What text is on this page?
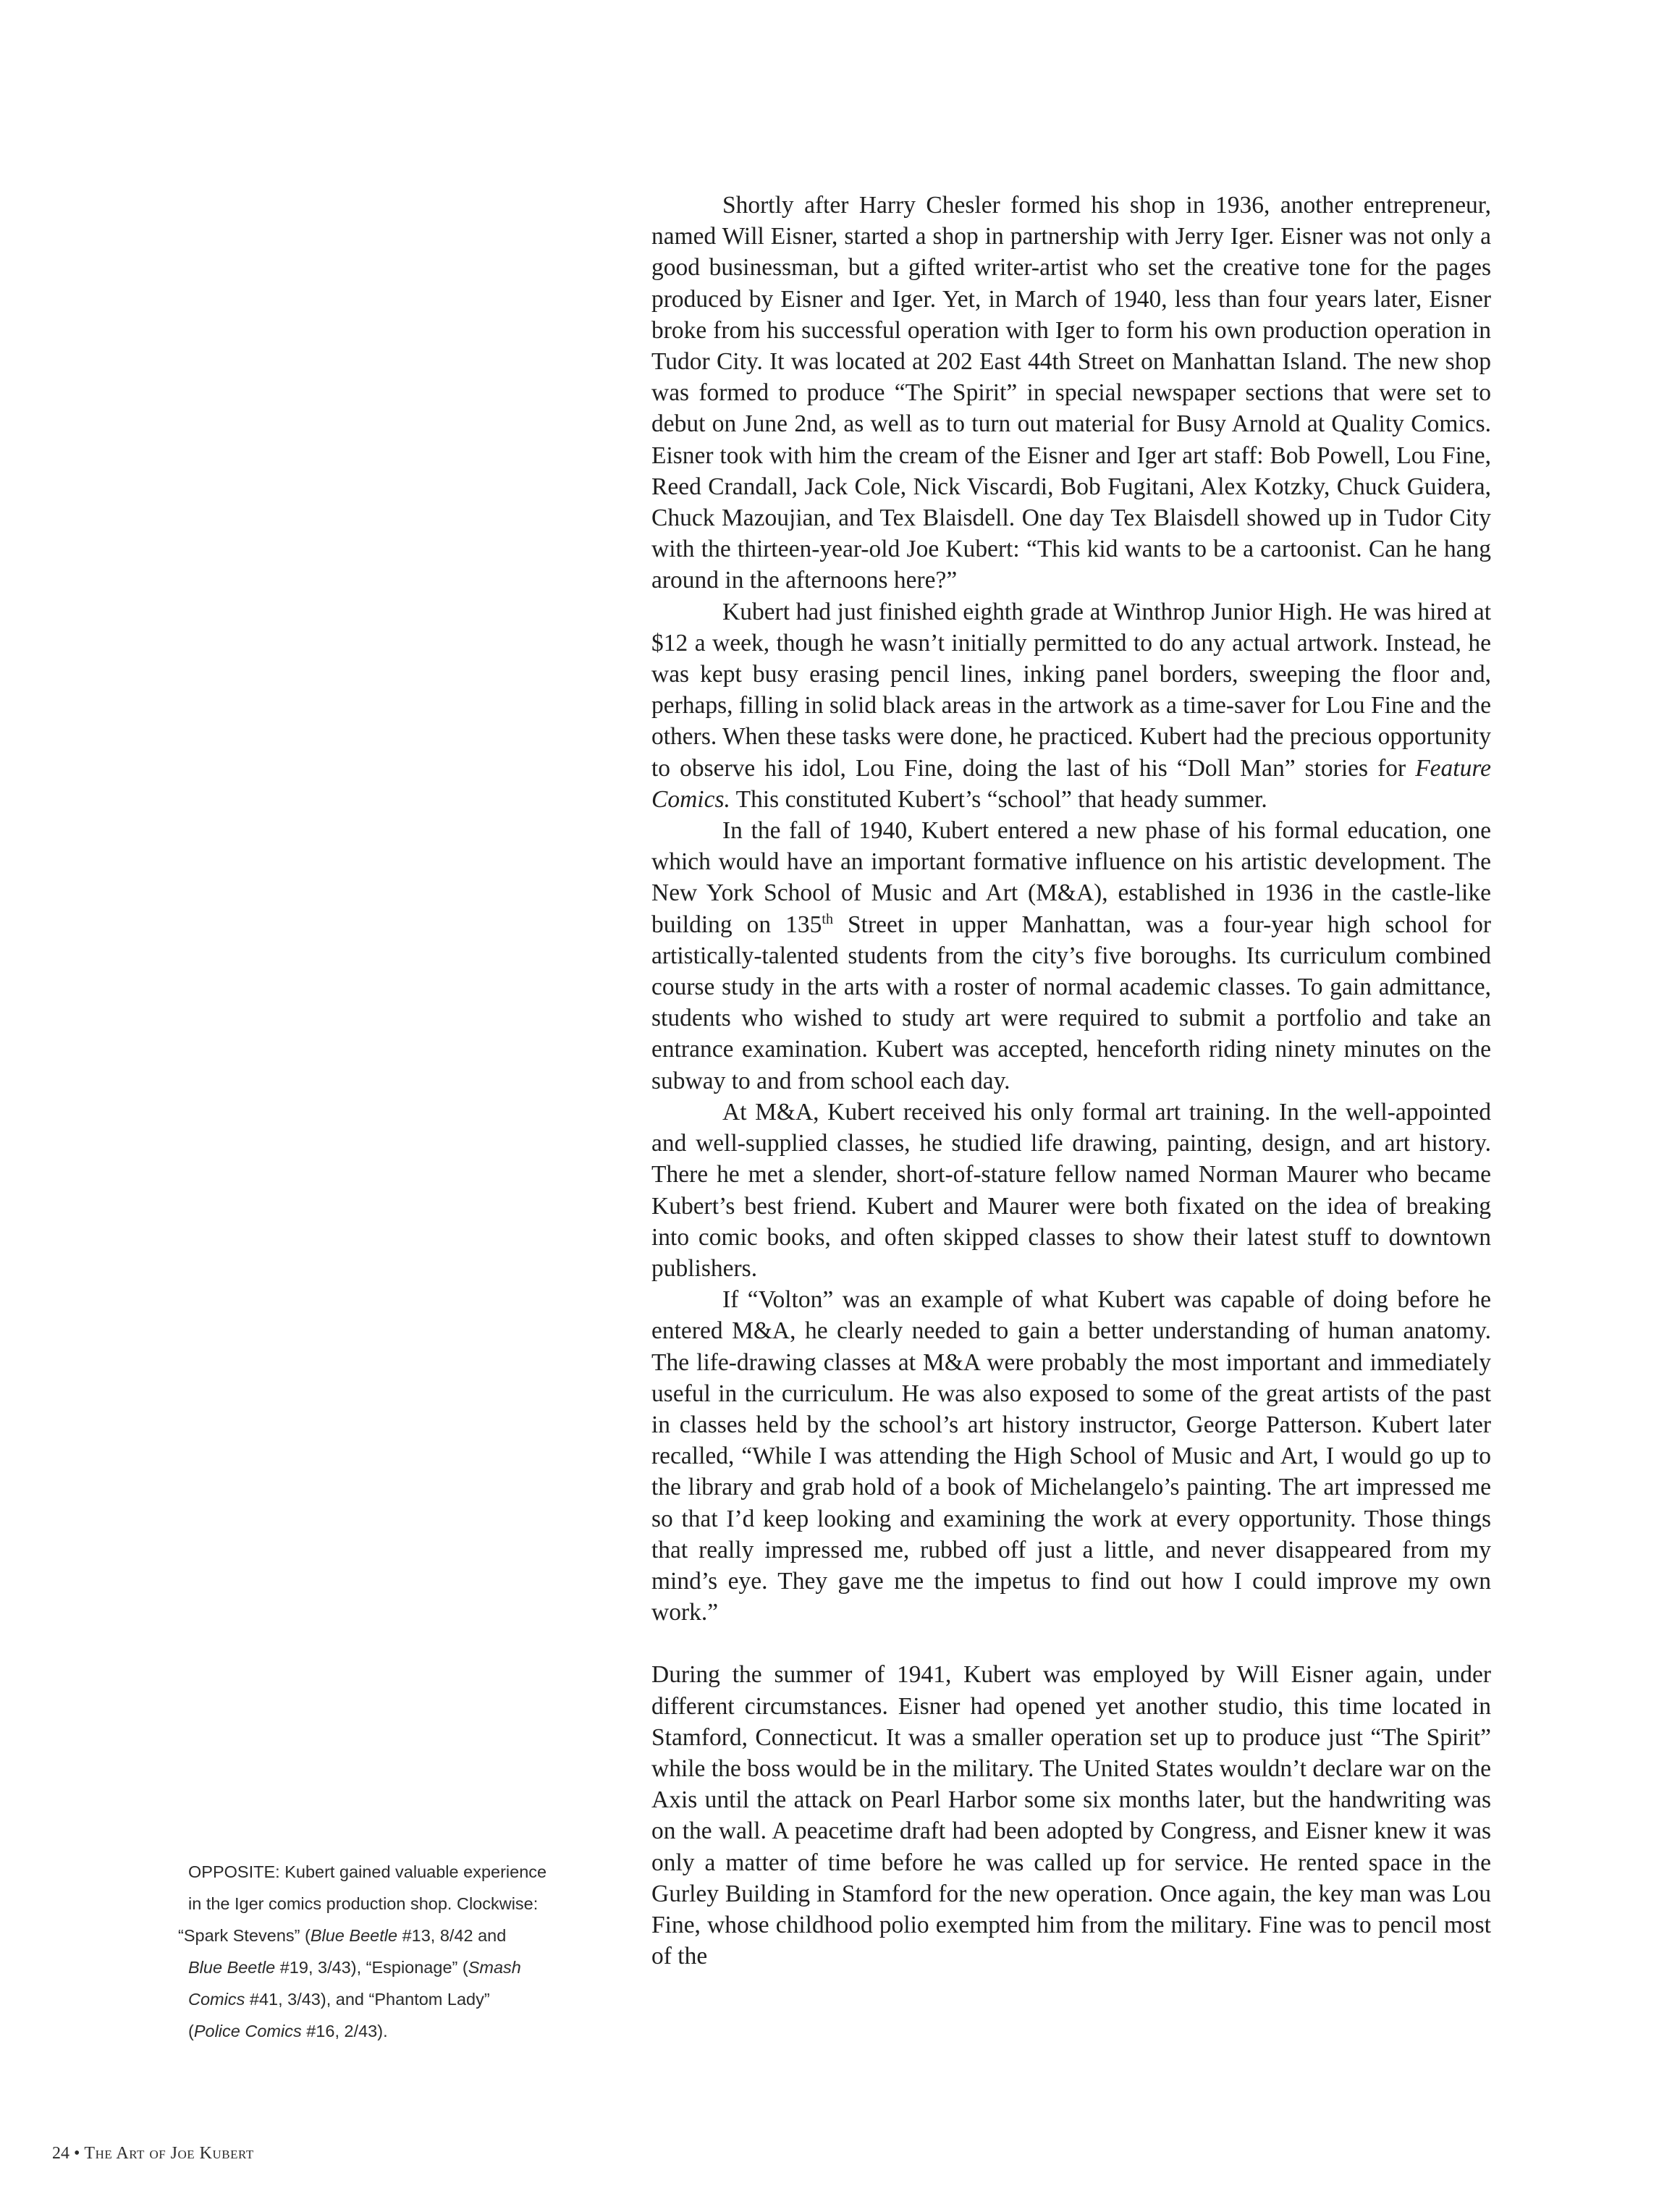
Shortly after Harry Chesler formed his shop in 1936, another entrepreneur, named Will Eisner, started a shop in partnership with Jerry Iger. Eisner was not only a good businessman, but a gifted writer-artist who set the creative tone for the pages produced by Eisner and Iger. Yet, in March of 1940, less than four years later, Eisner broke from his successful operation with Iger to form his own production operation in Tudor City. It was located at 202 East 44th Street on Manhattan Island. The new shop was formed to produce “The Spirit” in special newspaper sections that were set to debut on June 2nd, as well as to turn out material for Busy Arnold at Quality Comics. Eisner took with him the cream of the Eisner and Iger art staff: Bob Powell, Lou Fine, Reed Crandall, Jack Cole, Nick Viscardi, Bob Fugitani, Alex Kotzky, Chuck Guidera, Chuck Mazoujian, and Tex Blaisdell. One day Tex Blaisdell showed up in Tudor City with the thirteen-year-old Joe Kubert: “This kid wants to be a cartoonist. Can he hang around in the afternoons here?”

Kubert had just finished eighth grade at Winthrop Junior High. He was hired at $12 a week, though he wasn’t initially permitted to do any actual artwork. Instead, he was kept busy erasing pencil lines, inking panel borders, sweeping the floor and, perhaps, filling in solid black areas in the artwork as a time-saver for Lou Fine and the others. When these tasks were done, he practiced. Kubert had the precious opportunity to observe his idol, Lou Fine, doing the last of his “Doll Man” stories for Feature Comics. This constituted Kubert’s “school” that heady summer.

In the fall of 1940, Kubert entered a new phase of his formal education, one which would have an important formative influence on his artistic development. The New York School of Music and Art (M&A), established in 1936 in the castle-like building on 135th Street in upper Manhattan, was a four-year high school for artistically-talented students from the city’s five boroughs. Its curriculum combined course study in the arts with a roster of normal academic classes. To gain admittance, students who wished to study art were required to submit a portfolio and take an entrance examination. Kubert was accepted, henceforth riding ninety minutes on the subway to and from school each day.

At M&A, Kubert received his only formal art training. In the well-appointed and well-supplied classes, he studied life drawing, painting, design, and art history. There he met a slender, short-of-stature fellow named Norman Maurer who became Kubert’s best friend. Kubert and Maurer were both fixated on the idea of breaking into comic books, and often skipped classes to show their latest stuff to downtown publishers.

If “Volton” was an example of what Kubert was capable of doing before he entered M&A, he clearly needed to gain a better understanding of human anatomy. The life-drawing classes at M&A were probably the most important and immediately useful in the curriculum. He was also exposed to some of the great artists of the past in classes held by the school’s art history instructor, George Patterson. Kubert later recalled, “While I was attending the High School of Music and Art, I would go up to the library and grab hold of a book of Michelangelo’s painting. The art impressed me so that I’d keep looking and examining the work at every opportunity. Those things that really impressed me, rubbed off just a little, and never disappeared from my mind’s eye. They gave me the impetus to find out how I could improve my own work.”

During the summer of 1941, Kubert was employed by Will Eisner again, under different circumstances. Eisner had opened yet another studio, this time located in Stamford, Connecticut. It was a smaller operation set up to produce just “The Spirit” while the boss would be in the military. The United States wouldn’t declare war on the Axis until the attack on Pearl Harbor some six months later, but the handwriting was on the wall. A peacetime draft had been adopted by Congress, and Eisner knew it was only a matter of time before he was called up for service. He rented space in the Gurley Building in Stamford for the new operation. Once again, the key man was Lou Fine, whose childhood polio exempted him from the military. Fine was to pencil most of the

OPPOSITE: Kubert gained valuable experience
in the Iger comics production shop. Clockwise:
“Spark Stevens” (Blue Beetle #13, 8/42 and
Blue Beetle #19, 3/43), “Espionage” (Smash
Comics #41, 3/43), and “Phantom Lady”
(Police Comics #16, 2/43).
24 • The Art of Joe Kubert
